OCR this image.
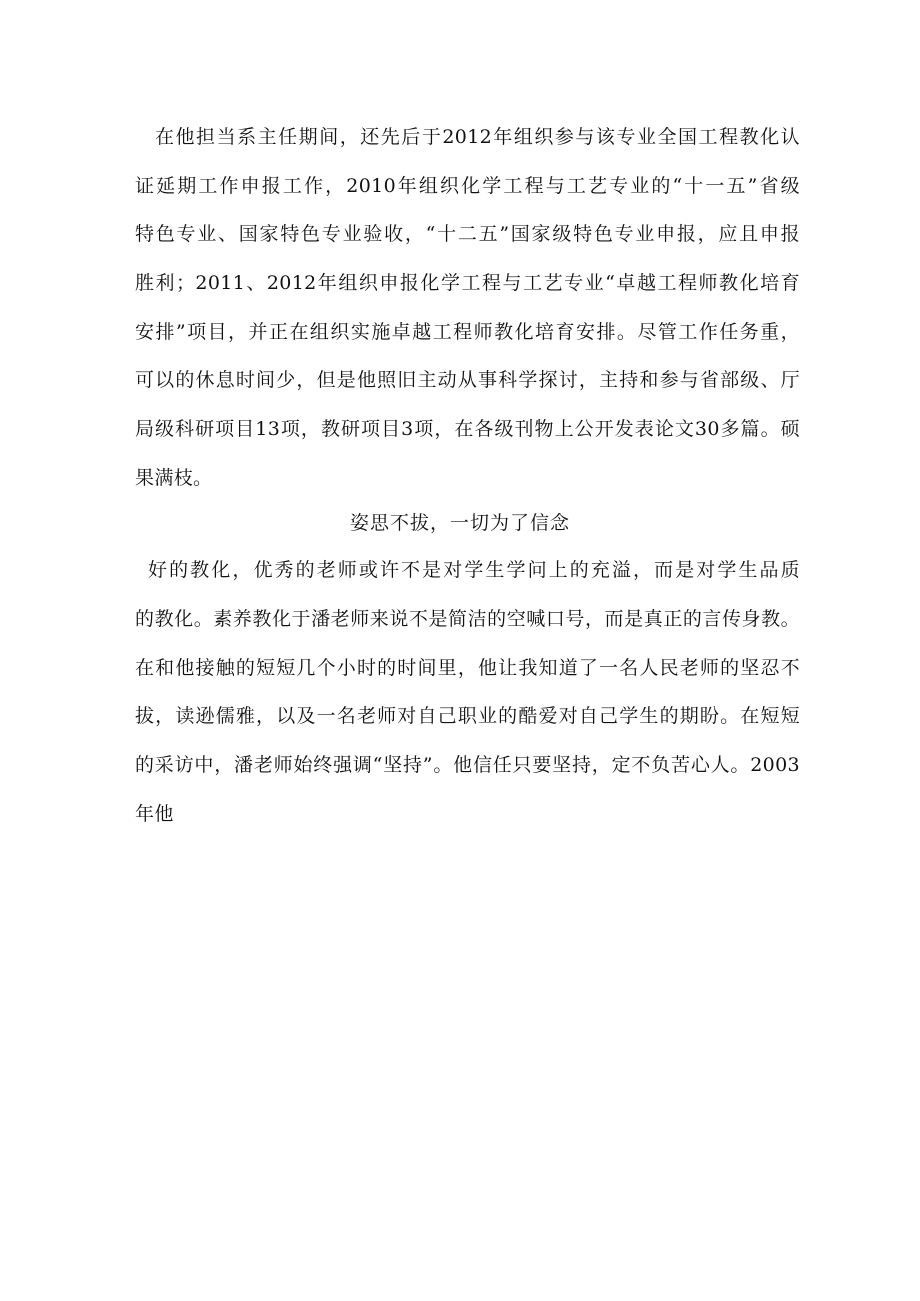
在他担当系主任期间，还先后于2012年组织参与该专业全国工程教化认
证延期工作申报工作，2010年组织化学工程与工艺专业的“十一五”省级
特色专业、国家特色专业验收，“十二五”国家级特色专业申报，应且申报
胜利；2011、2012年组织申报化学工程与工艺专业“卓越工程师教化培育
安排”项目，并正在组织实施卓越工程师教化培育安排。尽管工作任务重，
可以的休息时间少，但是他照旧主动从事科学探讨，主持和参与省部级、厅
局级科研项目13项，教研项目3项，在各级刊物上公开发表论文30多篇。硕
果满枝。
姿思不拔，一切为了信念
好的教化，优秀的老师或许不是对学生学问上的充溢，而是对学生品质
的教化。素养教化于潘老师来说不是简洁的空喊口号，而是真正的言传身教。
在和他接触的短短几个小时的时间里，他让我知道了一名人民老师的坚忍不
拔，读逊儒雅，以及一名老师对自己职业的酷爱对自己学生的期盼。在短短
的采访中，潘老师始终强调“坚持”。他信任只要坚持，定不负苦心人。2003
年他
